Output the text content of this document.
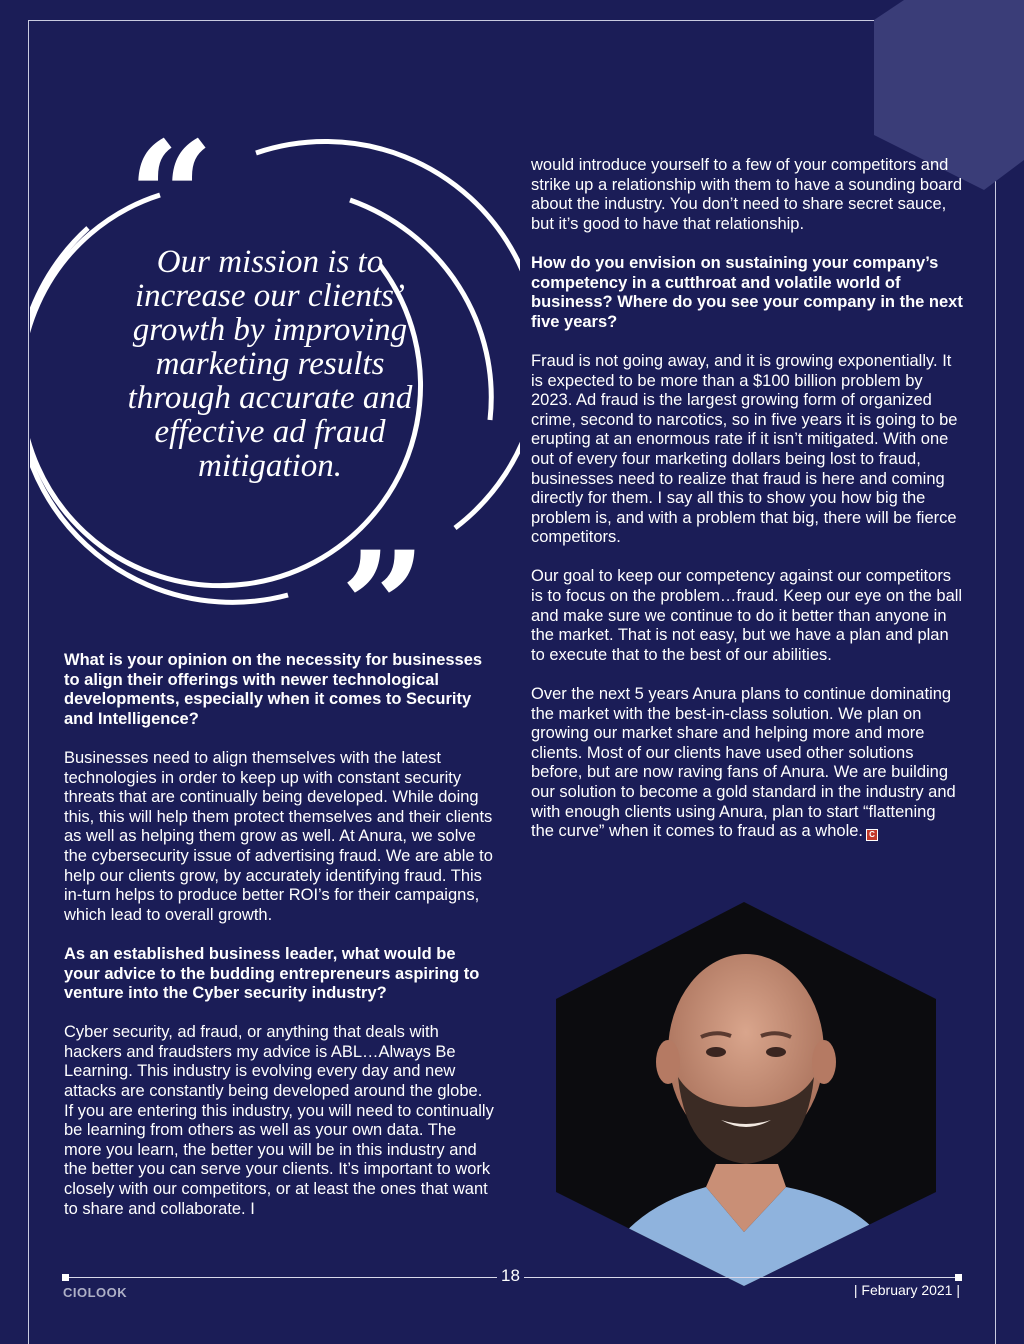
“
Our mission is to increase our clients’ growth by improving marketing results through accurate and effective ad fraud mitigation.
”

What is your opinion on the necessity for businesses to align their offerings with newer technological developments, especially when it comes to Security and Intelligence?

Businesses need to align themselves with the latest technologies in order to keep up with constant security threats that are continually being developed. While doing this, this will help them protect themselves and their clients as well as helping them grow as well. At Anura, we solve the cybersecurity issue of advertising fraud. We are able to help our clients grow, by accurately identifying fraud. This in-turn helps to produce better ROI’s for their campaigns, which lead to overall growth.

As an established business leader, what would be your advice to the budding entrepreneurs aspiring to venture into the Cyber security industry?

Cyber security, ad fraud, or anything that deals with hackers and fraudsters my advice is ABL…Always Be Learning. This industry is evolving every day and new attacks are constantly being developed around the globe. If you are entering this industry, you will need to continually be learning from others as well as your own data. The more you learn, the better you will be in this industry and the better you can serve your clients. It’s important to work closely with our competitors, or at least the ones that want to share and collaborate. I

would introduce yourself to a few of your competitors and strike up a relationship with them to have a sounding board about the industry. You don’t need to share secret sauce, but it’s good to have that relationship.

How do you envision on sustaining your company’s competency in a cutthroat and volatile world of business? Where do you see your company in the next five years?

Fraud is not going away, and it is growing exponentially. It is expected to be more than a $100 billion problem by 2023. Ad fraud is the largest growing form of organized crime, second to narcotics, so in five years it is going to be erupting at an enormous rate if it isn’t mitigated. With one out of every four marketing dollars being lost to fraud, businesses need to realize that fraud is here and coming directly for them. I say all this to show you how big the problem is, and with a problem that big, there will be fierce competitors.

Our goal to keep our competency against our competitors is to focus on the problem…fraud. Keep our eye on the ball and make sure we continue to do it better than anyone in the market. That is not easy, but we have a plan and plan to execute that to the best of our abilities.

Over the next 5 years Anura plans to continue dominating the market with the best-in-class solution. We plan on growing our market share and helping more and more clients. Most of our clients have used other solutions before, but are now raving fans of Anura. We are building our solution to become a gold standard in the industry and with enough clients using Anura, plan to start “flattening the curve” when it comes to fraud as a whole. C

18
CIOLOOK	| February 2021 |
